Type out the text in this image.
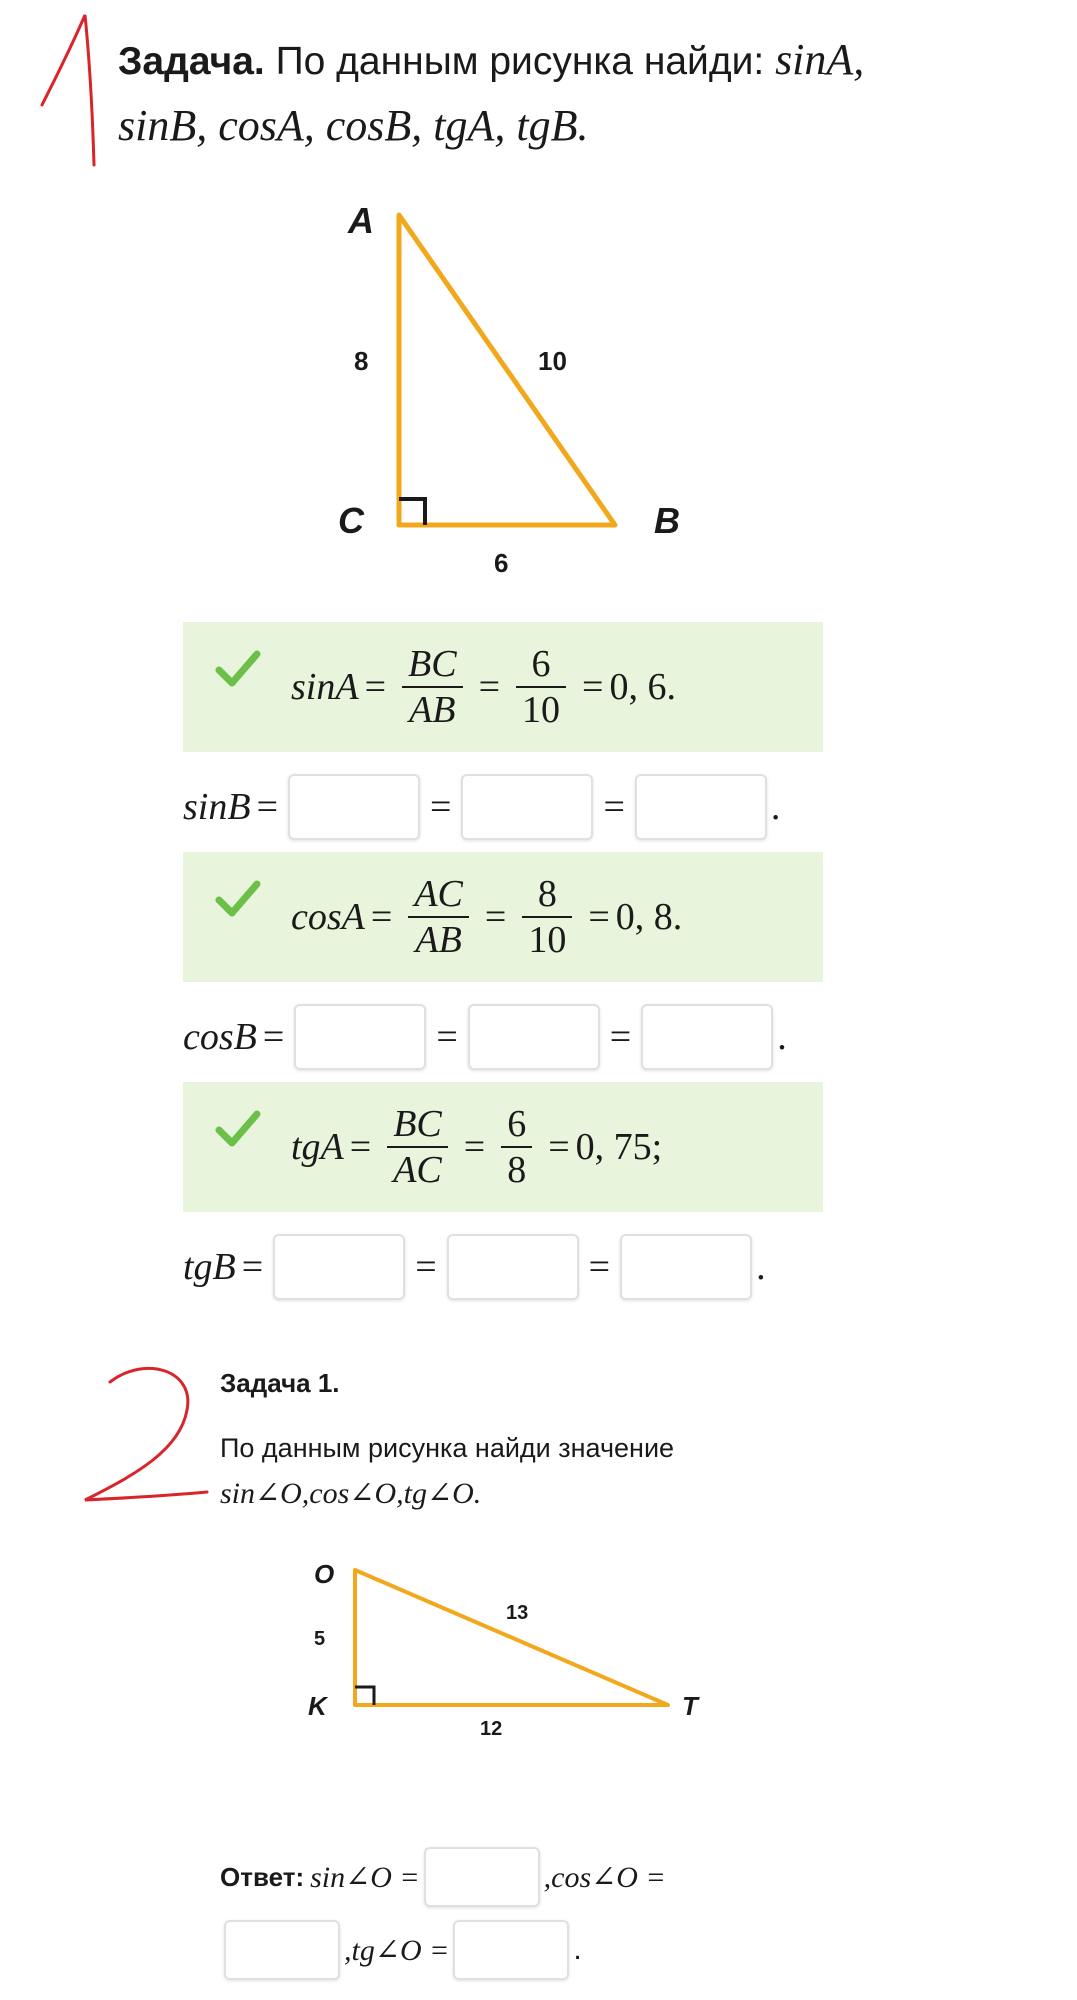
Задача. По данным рисунка найди: sinA, sinB, cosA, cosB, tgA, tgB.
A
C	B
8	10
6
$\sin A = \frac{BC}{AB} = \frac{6}{10} = 0$, 6.
sinB =	=	=	.
$\cos A = \frac{AC}{AB} = \frac{8}{10} = 0$, 8.
cosB =	=	=	.
tgA = $\frac{BC}{AC} = \frac{6}{8} = 0$, 75;
tgB =	=	=	.
Задача 1.
По данным рисунка найди значение
sin∠O,cos∠O,tg∠O.
O
K	T
5
13
12
Ответ: sin∠O =	,cos∠O =
,tg∠O =	.
